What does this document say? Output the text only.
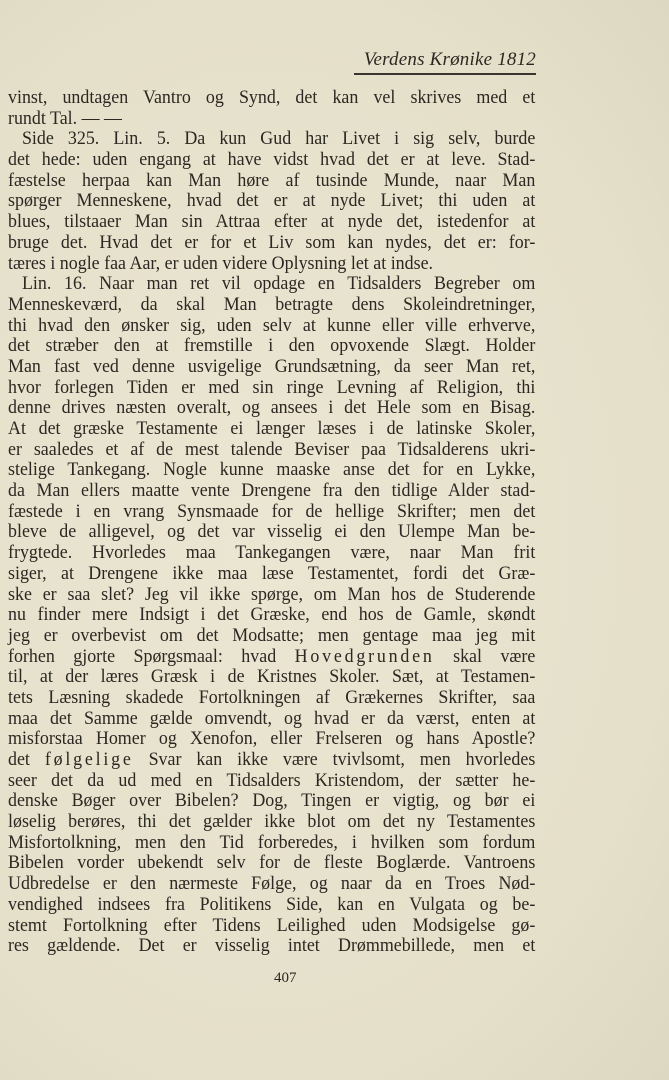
Verdens Krønike 1812
vinst, undtagen Vantro og Synd, det kan vel skrives med et
rundt Tal. — —
Side 325. Lin. 5. Da kun Gud har Livet i sig selv, burde
det hede: uden engang at have vidst hvad det er at leve. Stad-
fæstelse herpaa kan Man høre af tusinde Munde, naar Man
spørger Menneskene, hvad det er at nyde Livet; thi uden at
blues, tilstaaer Man sin Attraa efter at nyde det, istedenfor at
bruge det. Hvad det er for et Liv som kan nydes, det er: for-
tæres i nogle faa Aar, er uden videre Oplysning let at indse.
Lin. 16. Naar man ret vil opdage en Tidsalders Begreber om
Menneskeværd, da skal Man betragte dens Skoleindretninger,
thi hvad den ønsker sig, uden selv at kunne eller ville erhverve,
det stræber den at fremstille i den opvoxende Slægt. Holder
Man fast ved denne usvigelige Grundsætning, da seer Man ret,
hvor forlegen Tiden er med sin ringe Levning af Religion, thi
denne drives næsten overalt, og ansees i det Hele som en Bisag.
At det græske Testamente ei længer læses i de latinske Skoler,
er saaledes et af de mest talende Beviser paa Tidsalderens ukri-
stelige Tankegang. Nogle kunne maaske anse det for en Lykke,
da Man ellers maatte vente Drengene fra den tidlige Alder stad-
fæstede i en vrang Synsmaade for de hellige Skrifter; men det
bleve de alligevel, og det var visselig ei den Ulempe Man be-
frygtede. Hvorledes maa Tankegangen være, naar Man frit
siger, at Drengene ikke maa læse Testamentet, fordi det Græ-
ske er saa slet? Jeg vil ikke spørge, om Man hos de Studerende
nu finder mere Indsigt i det Græske, end hos de Gamle, skøndt
jeg er overbevist om det Modsatte; men gentage maa jeg mit
forhen gjorte Spørgsmaal: hvad Hovedgrunden skal være
til, at der læres Græsk i de Kristnes Skoler. Sæt, at Testamen-
tets Læsning skadede Fortolkningen af Grækernes Skrifter, saa
maa det Samme gælde omvendt, og hvad er da værst, enten at
misforstaa Homer og Xenofon, eller Frelseren og hans Apostle?
det følgelige Svar kan ikke være tvivlsomt, men hvorledes
seer det da ud med en Tidsalders Kristendom, der sætter he-
denske Bøger over Bibelen? Dog, Tingen er vigtig, og bør ei
løselig berøres, thi det gælder ikke blot om det ny Testamentes
Misfortolkning, men den Tid forberedes, i hvilken som fordum
Bibelen vorder ubekendt selv for de fleste Boglærde. Vantroens
Udbredelse er den nærmeste Følge, og naar da en Troes Nød-
vendighed indsees fra Politikens Side, kan en Vulgata og be-
stemt Fortolkning efter Tidens Leilighed uden Modsigelse gø-
res gældende. Det er visselig intet Drømmebillede, men et
407
